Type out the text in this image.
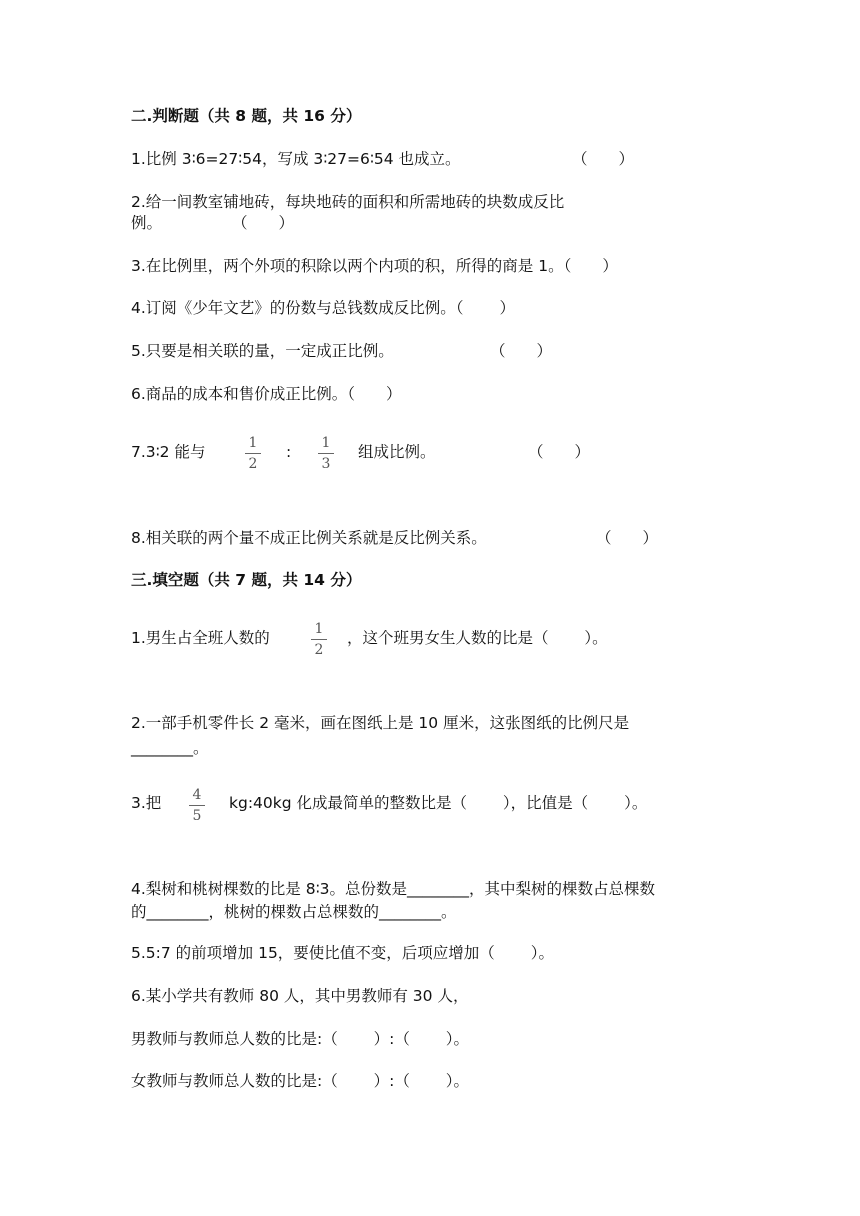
二.判断题（共 8 题，共 16 分）
1.比例 3∶6=27∶54，写成 3∶27=6∶54 也成立。	（　　）
2.给一间教室铺地砖，每块地砖的面积和所需地砖的块数成反比
例。	（　　）
3.在比例里，两个外项的积除以两个内项的积，所得的商是 1。（　　）
4.订阅《少年文艺》的份数与总钱数成反比例。（　　 ）
5.只要是相关联的量，一定成正比例。	（　　）
6.商品的成本和售价成正比例。（　　）
7.3∶2 能与	1
2
:	1
3
组成比例。	（　　）
8.相关联的两个量不成正比例关系就是反比例关系。	（　　）
三.填空题（共 7 题，共 14 分）
1.男生占全班人数的	1
2
，这个班男女生人数的比是（　　 ）。
2.一部手机零件长 2 毫米，画在图纸上是 10 厘米，这张图纸的比例尺是
________。
3.把	4
5
kg:40kg 化成最简单的整数比是（　　 ），比值是（　　 ）。
4.梨树和桃树棵数的比是 8∶3。总份数是________，其中梨树的棵数占总棵数
的________，桃树的棵数占总棵数的________。
5.5:7 的前项增加 15，要使比值不变，后项应增加（　　 ）。
6.某小学共有教师 80 人，其中男教师有 30 人，
男教师与教师总人数的比是:（　　 ）:（　　 ）。
女教师与教师总人数的比是:（　　 ）:（　　 ）。
